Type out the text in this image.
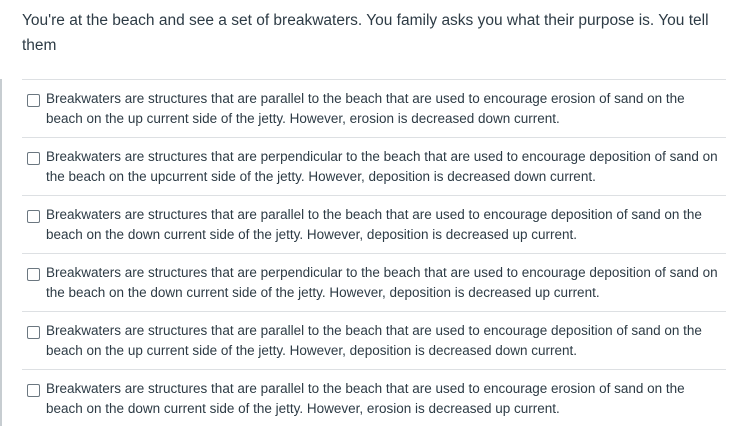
You're at the beach and see a set of breakwaters. You family asks you what their purpose is. You tell them
Breakwaters are structures that are parallel to the beach that are used to encourage erosion of sand on the beach on the up current side of the jetty. However, erosion is decreased down current.
Breakwaters are structures that are perpendicular to the beach that are used to encourage deposition of sand on the beach on the upcurrent side of the jetty. However, deposition is decreased down current.
Breakwaters are structures that are parallel to the beach that are used to encourage deposition of sand on the beach on the down current side of the jetty. However, deposition is decreased up current.
Breakwaters are structures that are perpendicular to the beach that are used to encourage deposition of sand on the beach on the down current side of the jetty. However, deposition is decreased up current.
Breakwaters are structures that are parallel to the beach that are used to encourage deposition of sand on the beach on the up current side of the jetty. However, deposition is decreased down current.
Breakwaters are structures that are parallel to the beach that are used to encourage erosion of sand on the beach on the down current side of the jetty. However, erosion is decreased up current.
